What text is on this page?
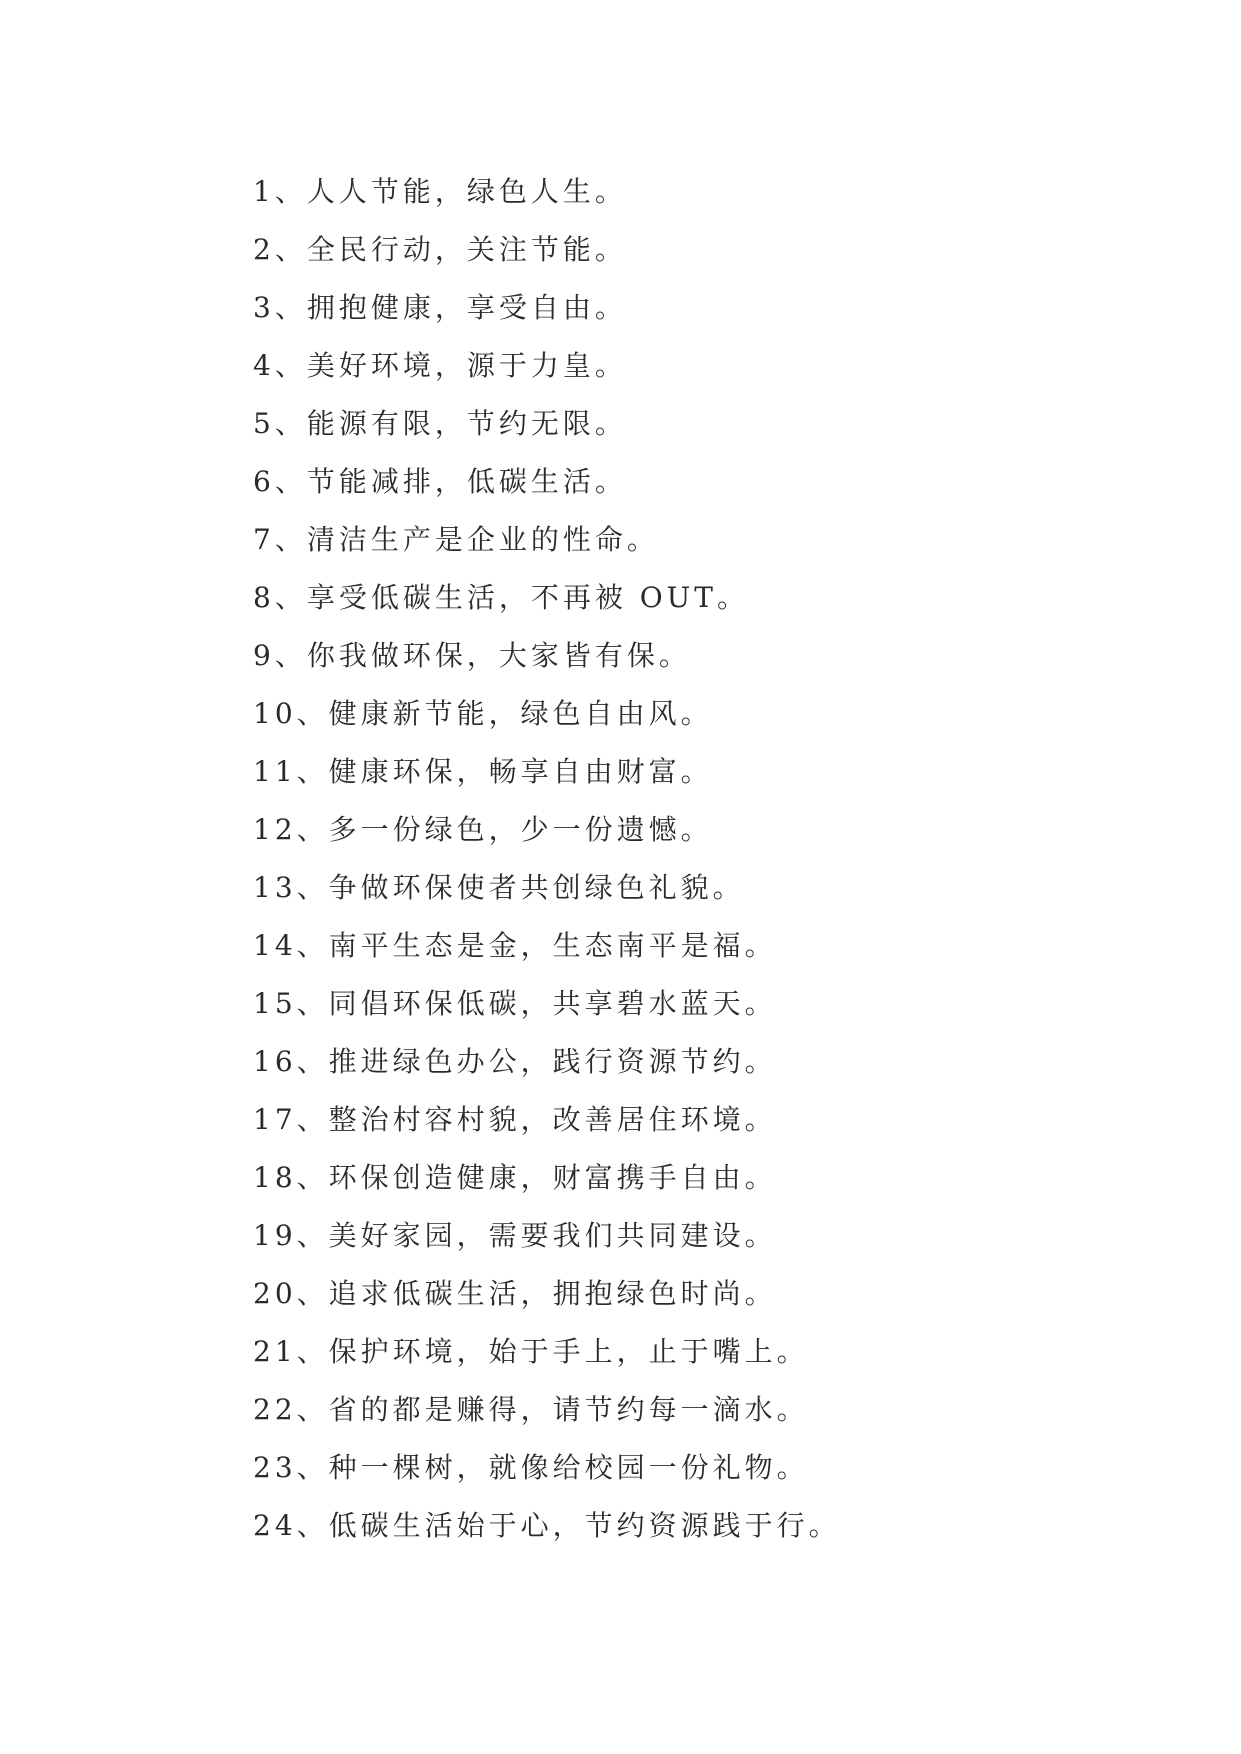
1、人人节能，绿色人生。
2、全民行动，关注节能。
3、拥抱健康，享受自由。
4、美好环境，源于力皇。
5、能源有限，节约无限。
6、节能减排，低碳生活。
7、清洁生产是企业的性命。
8、享受低碳生活，不再被 OUT。
9、你我做环保，大家皆有保。
10、健康新节能，绿色自由风。
11、健康环保，畅享自由财富。
12、多一份绿色，少一份遗憾。
13、争做环保使者共创绿色礼貌。
14、南平生态是金，生态南平是福。
15、同倡环保低碳，共享碧水蓝天。
16、推进绿色办公，践行资源节约。
17、整治村容村貌，改善居住环境。
18、环保创造健康，财富携手自由。
19、美好家园，需要我们共同建设。
20、追求低碳生活，拥抱绿色时尚。
21、保护环境，始于手上，止于嘴上。
22、省的都是赚得，请节约每一滴水。
23、种一棵树，就像给校园一份礼物。
24、低碳生活始于心，节约资源践于行。
